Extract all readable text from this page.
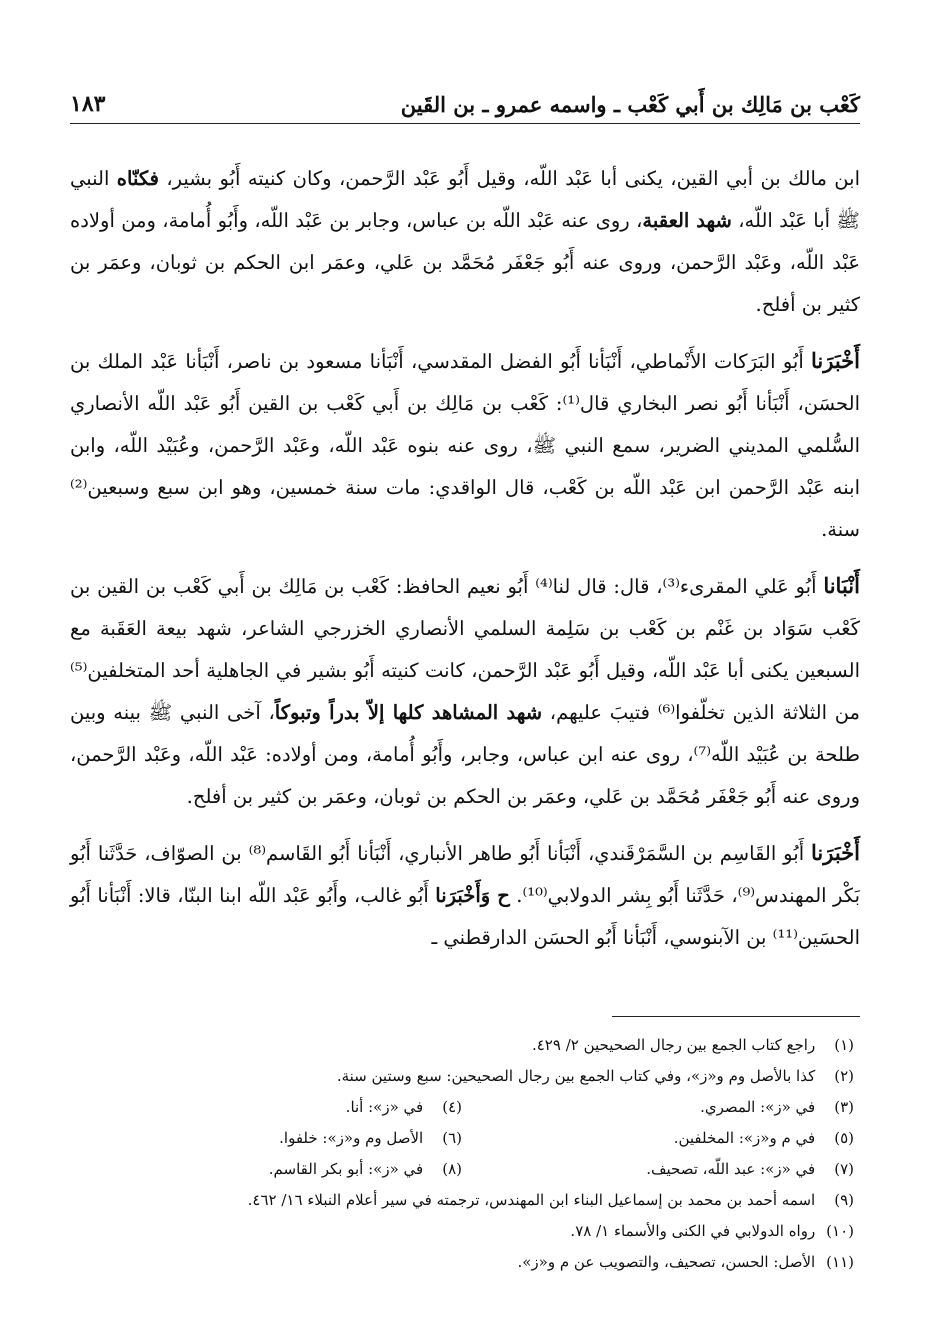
كَعْب بن مَالِك بن أَبي كَعْب ـ واسمه عمرو ـ بن القَين
١٨٣

ابن مالك بن أبي القين، يكنى أبا عَبْد اللّه، وقيل أَبُو عَبْد الرَّحمن، وكان كنيته أَبُو بشير، فكنّاه النبي ﷺ أبا عَبْد اللّه، شهد العقبة، روى عنه عَبْد اللّه بن عباس، وجابر بن عَبْد اللّه، وأَبُو أُمامة، ومن أولاده عَبْد اللّه، وعَبْد الرَّحمن، وروى عنه أَبُو جَعْفَر مُحَمَّد بن عَلي، وعمَر ابن الحكم بن ثوبان، وعمَر بن كثير بن أفلح.

أَخْبَرَنا أَبُو البَرَكات الأَنْماطي، أَنْبَأنا أَبُو الفضل المقدسي، أَنْبَأنا مسعود بن ناصر، أَنْبَأنا عَبْد الملك بن الحسَن، أَنْبَأنا أَبُو نصر البخاري قال⁽¹⁾: كَعْب بن مَالِك بن أَبي كَعْب بن القين أَبُو عَبْد اللّه الأنصاري السُّلمي المديني الضرير، سمع النبي ﷺ، روى عنه بنوه عَبْد اللّه، وعَبْد الرَّحمن، وعُبَيْد اللّه، وابن ابنه عَبْد الرَّحمن ابن عَبْد اللّه بن كَعْب، قال الواقدي: مات سنة خمسين، وهو ابن سبع وسبعين⁽²⁾ سنة.

أَنْبَانا أَبُو عَلي المقرىء⁽³⁾، قال: قال لنا⁽⁴⁾ أَبُو نعيم الحافظ: كَعْب بن مَالِك بن أَبي كَعْب بن القين بن كَعْب سَوَاد بن غَنْم بن كَعْب بن سَلِمة السلمي الأنصاري الخزرجي الشاعر، شهد بيعة العَقَبة مع السبعين يكنى أبا عَبْد اللّه، وقيل أَبُو عَبْد الرَّحمن، كانت كنيته أَبُو بشير في الجاهلية أحد المتخلفين⁽⁵⁾ من الثلاثة الذين تخلّفوا⁽⁶⁾ فتيبَ عليهم، شهد المشاهد كلها إلاّ بدراً وتبوكاً، آخى النبي ﷺ بينه وبين طلحة بن عُبَيْد اللّه⁽⁷⁾، روى عنه ابن عباس، وجابر، وأَبُو أُمامة، ومن أولاده: عَبْد اللّه، وعَبْد الرَّحمن، وروى عنه أَبُو جَعْفَر مُحَمَّد بن عَلي، وعمَر بن الحكم بن ثوبان، وعمَر بن كثير بن أفلح.

أَخْبَرَنا أَبُو القَاسِم بن السَّمَرْقَندي، أَنْبَأنا أَبُو طاهر الأنباري، أَنْبَأنا أَبُو القَاسم⁽⁸⁾ بن الصوّاف، حَدَّثَنا أَبُو بَكْر المهندس⁽⁹⁾، حَدَّثَنا أَبُو بِشر الدولابي⁽¹⁰⁾. ح وَأَخْبَرَنا أَبُو غالب، وأَبُو عَبْد اللّه ابنا البنّا، قالا: أَنْبَأنا أَبُو الحسَين⁽¹¹⁾ بن الآبنوسي، أَنْبَأنا أَبُو الحسَن الدارقطني ـ

(١) راجع كتاب الجمع بين رجال الصحيحين ٢/ ٤٢٩.
(٢) كذا بالأصل وم و«ز»، وفي كتاب الجمع بين رجال الصحيحين: سبع وستين سنة.
(٣) في «ز»: المصري.
(٤) في «ز»: أنا.
(٥) في م و«ز»: المخلفين.
(٦) الأصل وم و«ز»: خلفوا.
(٧) في «ز»: عبد اللّه، تصحيف.
(٨) في «ز»: أبو بكر القاسم.
(٩) اسمه أحمد بن محمد بن إسماعيل البناء ابن المهندس، ترجمته في سير أعلام النبلاء ١٦/ ٤٦٢.
(١٠) رواه الدولابي في الكنى والأسماء ١/ ٧٨.
(١١) الأصل: الحسن، تصحيف، والتصويب عن م و«ز».
